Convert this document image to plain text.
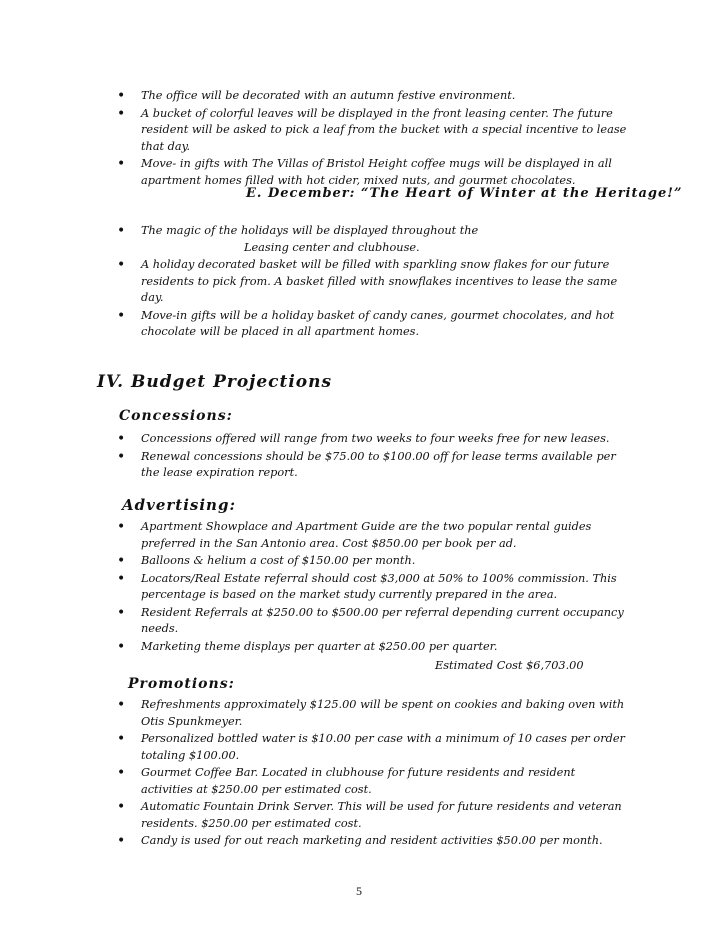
• The office will be decorated with an autumn festive environment.
• A bucket of colorful leaves will be displayed in the front leasing center. The future resident will be asked to pick a leaf from the bucket with a special incentive to lease that day.
• Move- in gifts with The Villas of Bristol Height coffee mugs will be displayed in all apartment homes filled with hot cider, mixed nuts, and gourmet chocolates.
E. December: “The Heart of Winter at the Heritage!”
• The magic of the holidays will be displayed throughout the
Leasing center and clubhouse.
• A holiday decorated basket will be filled with sparkling snow flakes for our future residents to pick from. A basket filled with snowflakes incentives to lease the same day.
• Move-in gifts will be a holiday basket of candy canes, gourmet chocolates, and hot chocolate will be placed in all apartment homes.
IV. Budget Projections
Concessions:
• Concessions offered will range from two weeks to four weeks free for new leases.
• Renewal concessions should be $75.00 to $100.00 off for lease terms available per the lease expiration report.
Advertising:
• Apartment Showplace and Apartment Guide are the two popular rental guides preferred in the San Antonio area. Cost $850.00 per book per ad.
• Balloons & helium a cost of $150.00 per month.
• Locators/Real Estate referral should cost $3,000 at 50% to 100% commission. This percentage is based on the market study currently prepared in the area.
• Resident Referrals at $250.00 to $500.00 per referral depending current occupancy needs.
• Marketing theme displays per quarter at $250.00 per quarter.
Estimated Cost $6,703.00
Promotions:
• Refreshments approximately $125.00 will be spent on cookies and baking oven with Otis Spunkmeyer.
• Personalized bottled water is $10.00 per case with a minimum of 10 cases per order totaling $100.00.
• Gourmet Coffee Bar. Located in clubhouse for future residents and resident activities at $250.00 per estimated cost.
• Automatic Fountain Drink Server. This will be used for future residents and veteran residents. $250.00 per estimated cost.
• Candy is used for out reach marketing and resident activities $50.00 per month.
5
